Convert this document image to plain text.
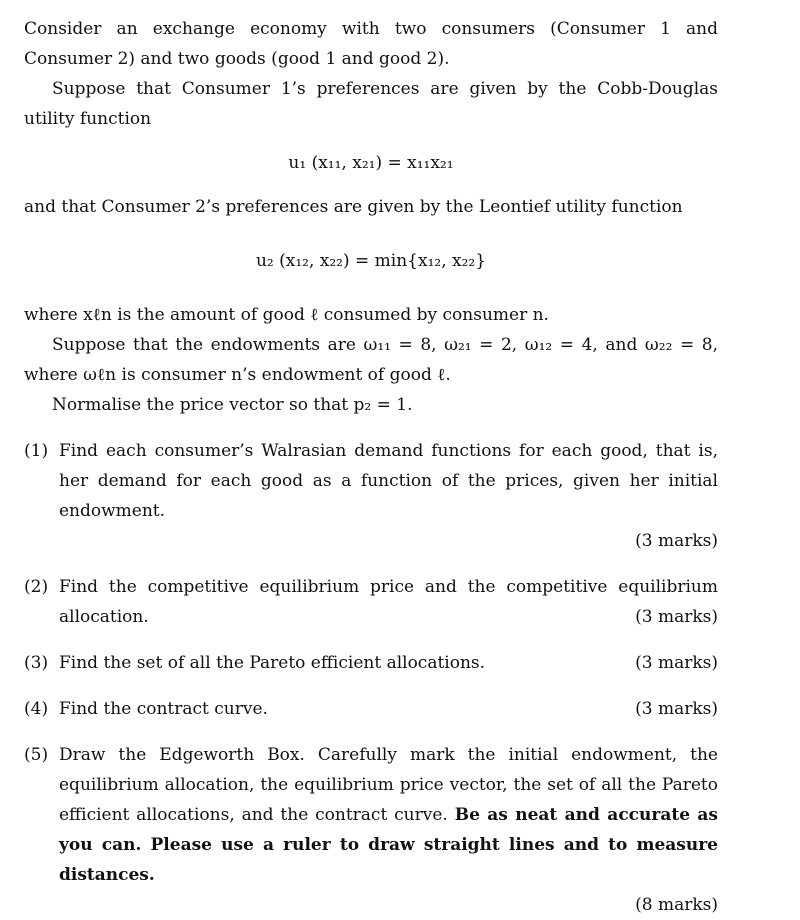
Consider an exchange economy with two consumers (Consumer 1 and Consumer 2) and two goods (good 1 and good 2).

Suppose that Consumer 1’s preferences are given by the Cobb-Douglas utility function

u₁ (x₁₁, x₂₁) = x₁₁x₂₁

and that Consumer 2’s preferences are given by the Leontief utility function

u₂ (x₁₂, x₂₂) = min{x₁₂, x₂₂}

where xℓn is the amount of good ℓ consumed by consumer n.

Suppose that the endowments are ω₁₁ = 8, ω₂₁ = 2, ω₁₂ = 4, and ω₂₂ = 8, where ωℓn is consumer n’s endowment of good ℓ.

Normalise the price vector so that p₂ = 1.

(1) Find each consumer’s Walrasian demand functions for each good, that is, her demand for each good as a function of the prices, given her initial endowment.
(3 marks)
(2)
(3 marks)
Find the competitive equilibrium price and the competitive equilibrium allocation.
(3)	(3 marks)
Find the set of all the Pareto efficient allocations.
(4)	(3 marks)
Find the contract curve.
(5) Draw the Edgeworth Box. Carefully mark the initial endowment, the equilibrium allocation, the equilibrium price vector, the set of all the Pareto efficient allocations, and the contract curve. Be as neat and accurate as you can. Please use a ruler to draw straight lines and to measure distances.
(8 marks)
